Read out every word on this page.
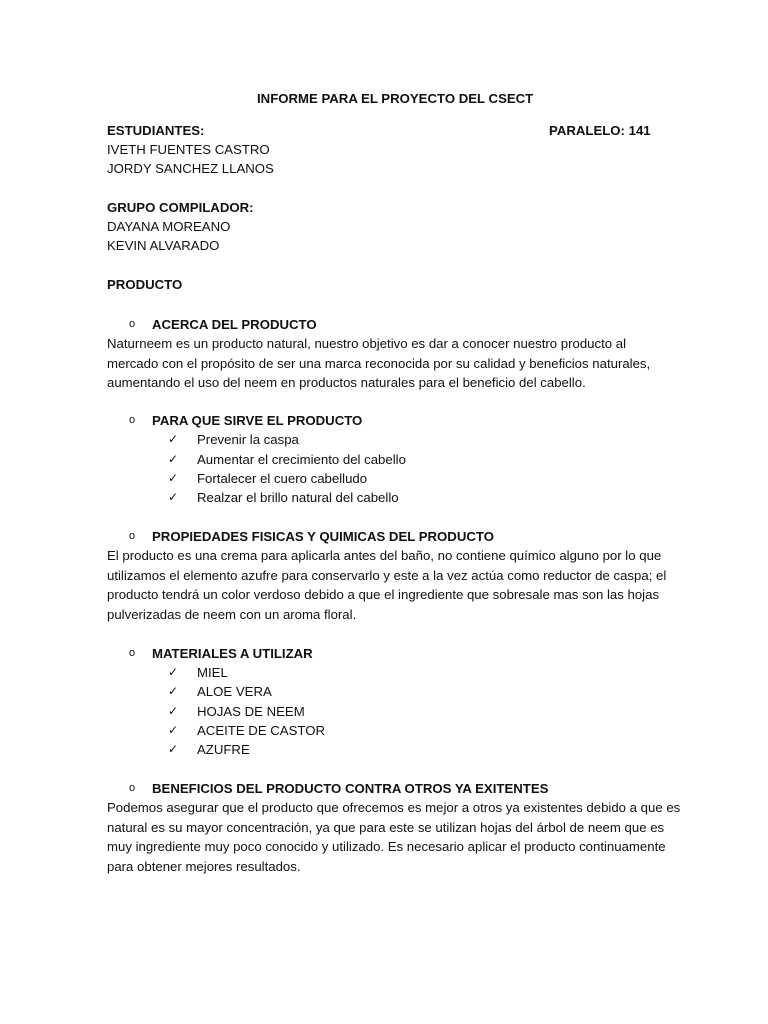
INFORME PARA EL PROYECTO DEL CSECT
ESTUDIANTES:	PARALELO: 141
IVETH FUENTES CASTRO
JORDY SANCHEZ LLANOS
GRUPO COMPILADOR:
DAYANA MOREANO
KEVIN ALVARADO
PRODUCTO
o ACERCA DEL PRODUCTO
Naturneem es un producto natural, nuestro objetivo es dar a conocer nuestro producto al
mercado con el propósito de ser una marca reconocida por su calidad y beneficios naturales,
aumentando el uso del neem en productos naturales para el beneficio del cabello.
o PARA QUE SIRVE EL PRODUCTO
✓ Prevenir la caspa
✓ Aumentar el crecimiento del cabello
✓ Fortalecer el cuero cabelludo
✓ Realzar el brillo natural del cabello
o PROPIEDADES FISICAS Y QUIMICAS DEL PRODUCTO
El producto es una crema para aplicarla antes del baño, no contiene químico alguno por lo que
utilizamos el elemento azufre para conservarlo y este a la vez actúa como reductor de caspa; el
producto tendrá un color verdoso debido a que el ingrediente que sobresale mas son las hojas
pulverizadas de neem con un aroma floral.
o MATERIALES A UTILIZAR
✓ MIEL
✓ ALOE VERA
✓ HOJAS DE NEEM
✓ ACEITE DE CASTOR
✓ AZUFRE
o BENEFICIOS DEL PRODUCTO CONTRA OTROS YA EXITENTES
Podemos asegurar que el producto que ofrecemos es mejor a otros ya existentes debido a que es
natural es su mayor concentración, ya que para este se utilizan hojas del árbol de neem que es
muy ingrediente muy poco conocido y utilizado. Es necesario aplicar el producto continuamente
para obtener mejores resultados.
